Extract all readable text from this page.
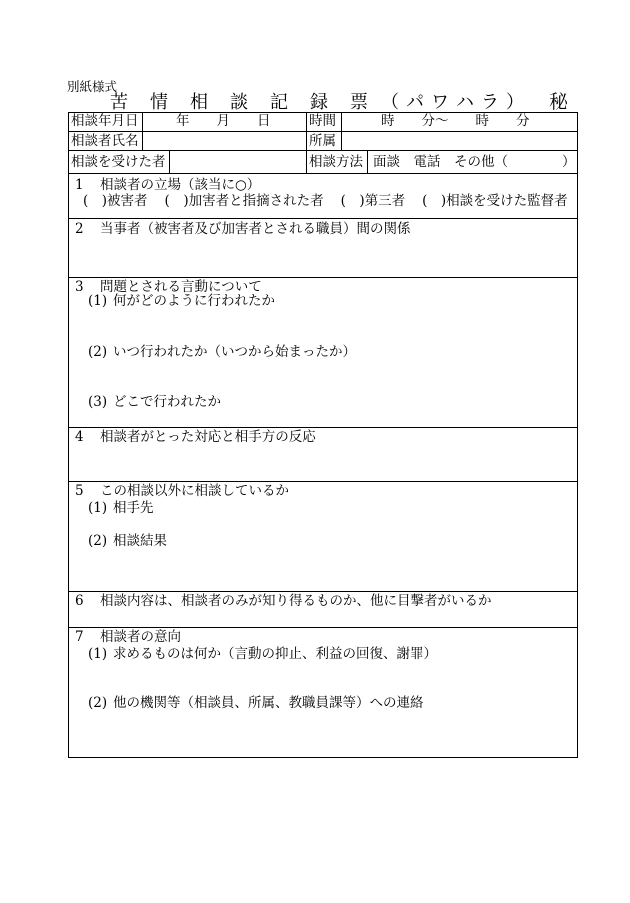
別紙様式
苦情相談記録票
（パワハラ） 秘
相談年月日	年　　月　　日	時間	時　　分～　　時　　分
相談者氏名	所属
相談を受けた者	相談方法 面談 電話 その他（　　　　）
1 相談者の立場（該当に○）
(　)被害者 (　)加害者と指摘された者 (　)第三者 (　)相談を受けた監督者
2 当事者（被害者及び加害者とされる職員）間の関係
3 問題とされる言動について
(1) 何がどのように行われたか
(2) いつ行われたか（いつから始まったか）
(3) どこで行われたか
4 相談者がとった対応と相手方の反応
5 この相談以外に相談しているか
(1) 相手先
(2) 相談結果
6 相談内容は、相談者のみが知り得るものか、他に目撃者がいるか
7 相談者の意向
(1) 求めるものは何か（言動の抑止、利益の回復、謝罪）
(2) 他の機関等（相談員、所属、教職員課等）への連絡
